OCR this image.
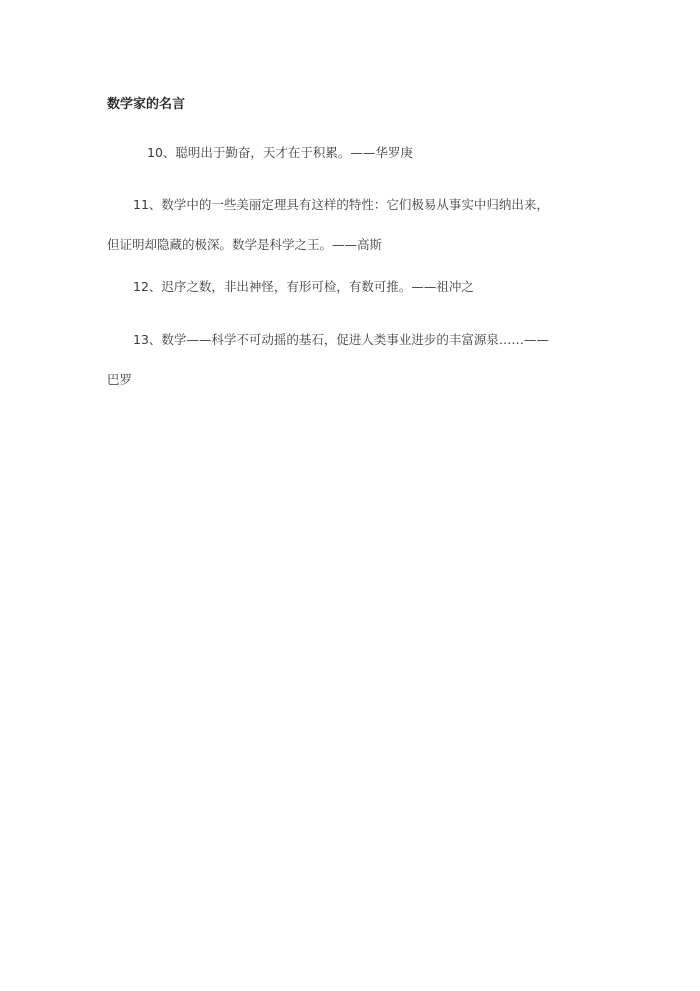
数学家的名言

10、聪明出于勤奋，天才在于积累。——华罗庚

11、数学中的一些美丽定理具有这样的特性：它们极易从事实中归纳出来，
但证明却隐藏的极深。数学是科学之王。——高斯

12、迟序之数，非出神怪，有形可检，有数可推。——祖冲之

13、数学——科学不可动摇的基石，促进人类事业进步的丰富源泉……——
巴罗
